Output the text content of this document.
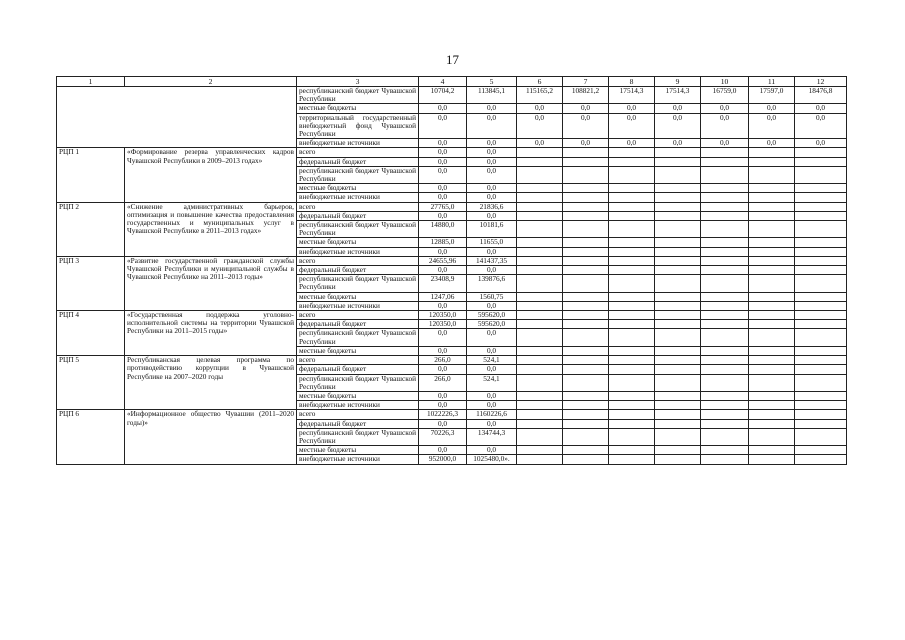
17
1	2	3	4	5	6	7	8	9	10	11	12
		республиканский бюджет Чувашской Республики	10704,2	113845,1	115165,2	108821,2	17514,3	17514,3	16759,0	17597,0	18476,8
		местные бюджеты	0,0	0,0	0,0	0,0	0,0	0,0	0,0	0,0	0,0
		территориальный государственный внебюджетный фонд Чувашской Республики	0,0	0,0	0,0	0,0	0,0	0,0	0,0	0,0	0,0
		внебюджетные источники	0,0	0,0	0,0	0,0	0,0	0,0	0,0	0,0	0,0
РЦП 1	«Формирование резерва управленческих кадров Чувашской Республики в 2009–2013 годах»	всего	0,0	0,0							
		федеральный бюджет	0,0	0,0							
		республиканский бюджет Чувашской Республики	0,0	0,0							
		местные бюджеты	0,0	0,0							
		внебюджетные источники	0,0	0,0							
РЦП 2	«Снижение административных барьеров, оптимизация и повышение качества предоставления государственных и муниципальных услуг в Чувашской Республике в 2011–2013 годах»	всего	27765,0	21836,6							
		федеральный бюджет	0,0	0,0							
		республиканский бюджет Чувашской Республики	14880,0	10181,6							
		местные бюджеты	12885,0	11655,0							
		внебюджетные источники	0,0	0,0							
РЦП 3	«Развитие государственной гражданской службы Чувашской Республики и муниципальной службы в Чувашской Республике на 2011–2013 годы»	всего	24655,96	141437,35							
		федеральный бюджет	0,0	0,0							
		республиканский бюджет Чувашской Республики	23408,9	139876,6							
		местные бюджеты	1247,06	1560,75							
		внебюджетные источники	0,0	0,0							
РЦП 4	«Государственная поддержка уголовно-исполнительной системы на территории Чувашской Республики на 2011–2015 годы»	всего	120350,0	595620,0							
		федеральный бюджет	120350,0	595620,0							
		республиканский бюджет Чувашской Республики	0,0	0,0							
		местные бюджеты	0,0	0,0							
РЦП 5	Республиканская целевая программа по противодействию коррупции в Чувашской Республике на 2007–2020 годы	всего	266,0	524,1							
		федеральный бюджет	0,0	0,0							
		республиканский бюджет Чувашской Республики	266,0	524,1							
		местные бюджеты	0,0	0,0							
		внебюджетные источники	0,0	0,0							
РЦП 6	«Информационное общество Чувашии (2011–2020 годы)»	всего	1022226,3	1160226,6							
		федеральный бюджет	0,0	0,0							
		республиканский бюджет Чувашской Республики	70226,3	134744,3							
		местные бюджеты	0,0	0,0							
		внебюджетные источники	952000,0	1025480,0».							
